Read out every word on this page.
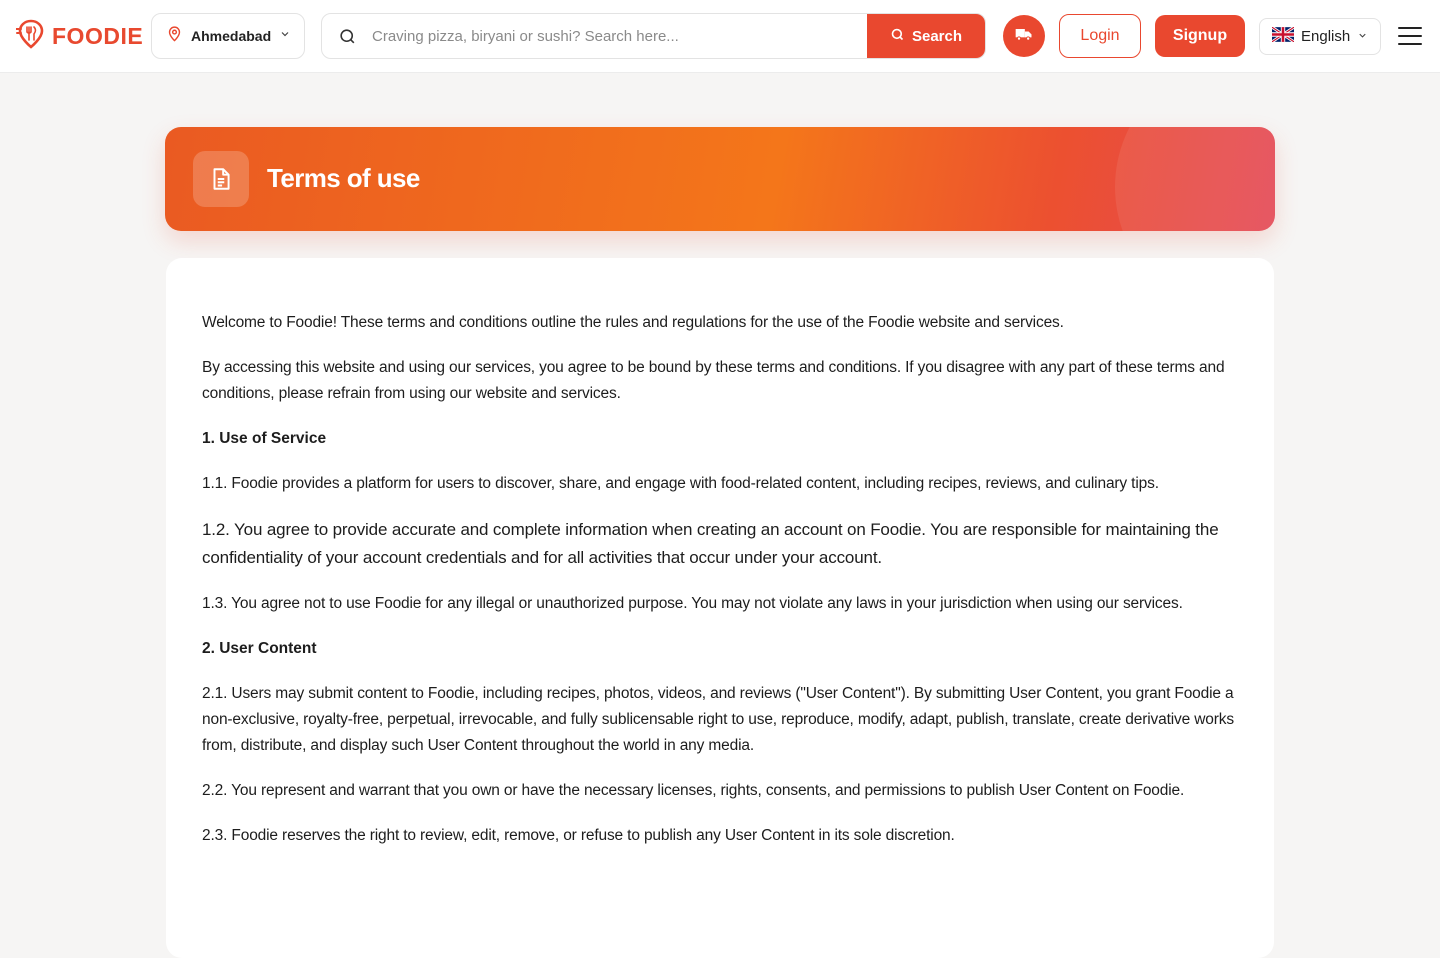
FOODIE	Ahmedabad
Craving pizza, biryani or sushi? Search here...	Search	Login	Signup	English
Terms of use

Welcome to Foodie! These terms and conditions outline the rules and regulations for the use of the Foodie website and services.

By accessing this website and using our services, you agree to be bound by these terms and conditions. If you disagree with any part of these terms and conditions, please refrain from using our website and services.

1. Use of Service

1.1. Foodie provides a platform for users to discover, share, and engage with food-related content, including recipes, reviews, and culinary tips.

1.2. You agree to provide accurate and complete information when creating an account on Foodie. You are responsible for maintaining the confidentiality of your account credentials and for all activities that occur under your account.

1.3. You agree not to use Foodie for any illegal or unauthorized purpose. You may not violate any laws in your jurisdiction when using our services.

2. User Content

2.1. Users may submit content to Foodie, including recipes, photos, videos, and reviews ("User Content"). By submitting User Content, you grant Foodie a non-exclusive, royalty-free, perpetual, irrevocable, and fully sublicensable right to use, reproduce, modify, adapt, publish, translate, create derivative works from, distribute, and display such User Content throughout the world in any media.

2.2. You represent and warrant that you own or have the necessary licenses, rights, consents, and permissions to publish User Content on Foodie.

2.3. Foodie reserves the right to review, edit, remove, or refuse to publish any User Content in its sole discretion.
